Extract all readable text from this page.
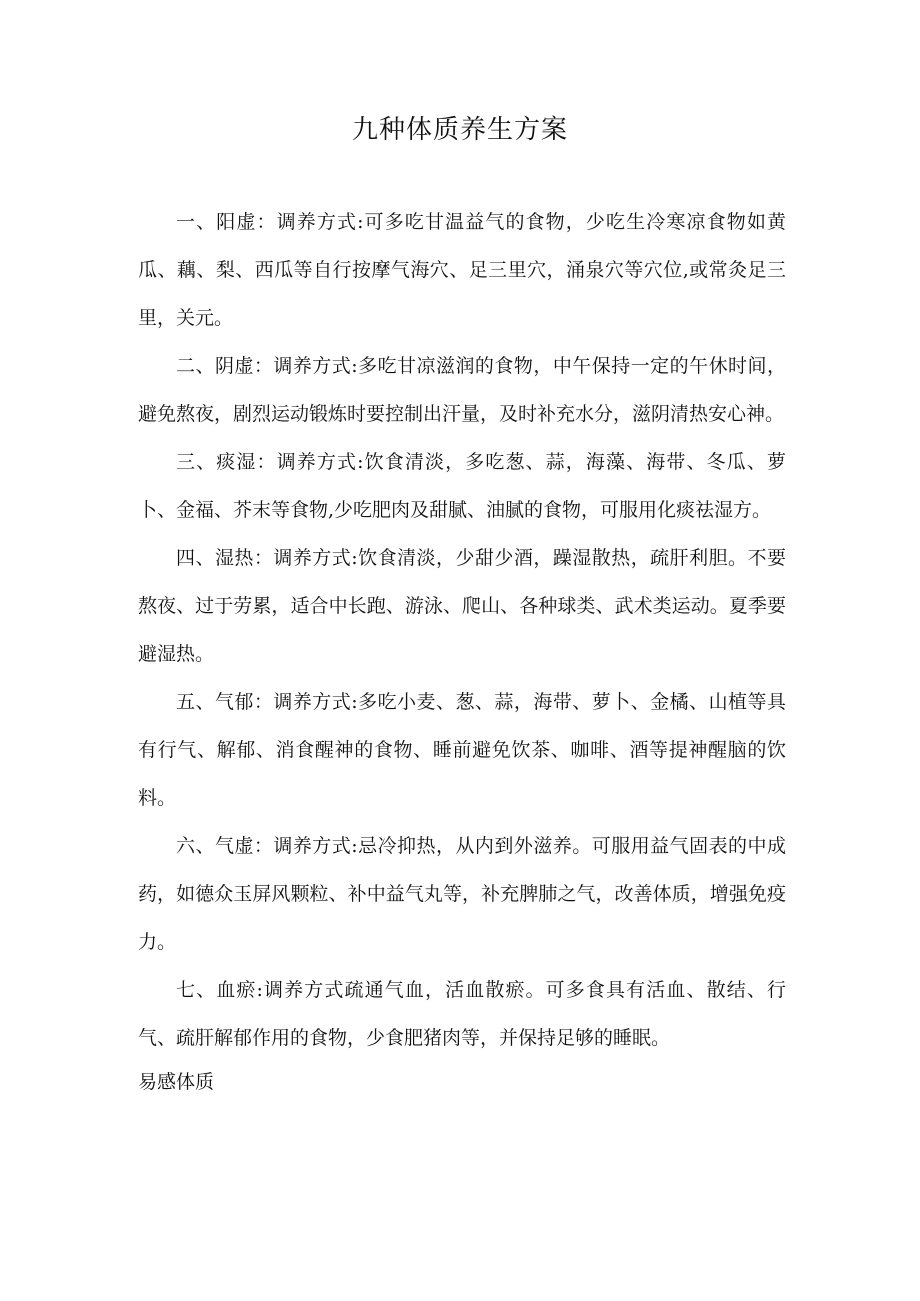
九种体质养生方案

一、阳虚：调养方式:可多吃甘温益气的食物，少吃生冷寒凉食物如黄瓜、藕、梨、西瓜等自行按摩气海穴、足三里穴，涌泉穴等穴位,或常灸足三里，关元。

二、阴虚：调养方式:多吃甘凉滋润的食物，中午保持一定的午休时间，避免熬夜，剧烈运动锻炼时要控制出汗量，及时补充水分，滋阴清热安心神。

三、痰湿：调养方式:饮食清淡，多吃葱、蒜，海藻、海带、冬瓜、萝卜、金福、芥末等食物,少吃肥肉及甜腻、油腻的食物，可服用化痰祛湿方。

四、湿热：调养方式:饮食清淡，少甜少酒，躁湿散热，疏肝利胆。不要熬夜、过于劳累，适合中长跑、游泳、爬山、各种球类、武术类运动。夏季要避湿热。

五、气郁：调养方式:多吃小麦、葱、蒜，海带、萝卜、金橘、山植等具有行气、解郁、消食醒神的食物、睡前避免饮茶、咖啡、酒等提神醒脑的饮料。

六、气虚：调养方式:忌冷抑热，从内到外滋养。可服用益气固表的中成药，如德众玉屏风颗粒、补中益气丸等，补充脾肺之气，改善体质，增强免疫力。

七、血瘀:调养方式疏通气血，活血散瘀。可多食具有活血、散结、行气、疏肝解郁作用的食物，少食肥猪肉等，并保持足够的睡眠。

易感体质
